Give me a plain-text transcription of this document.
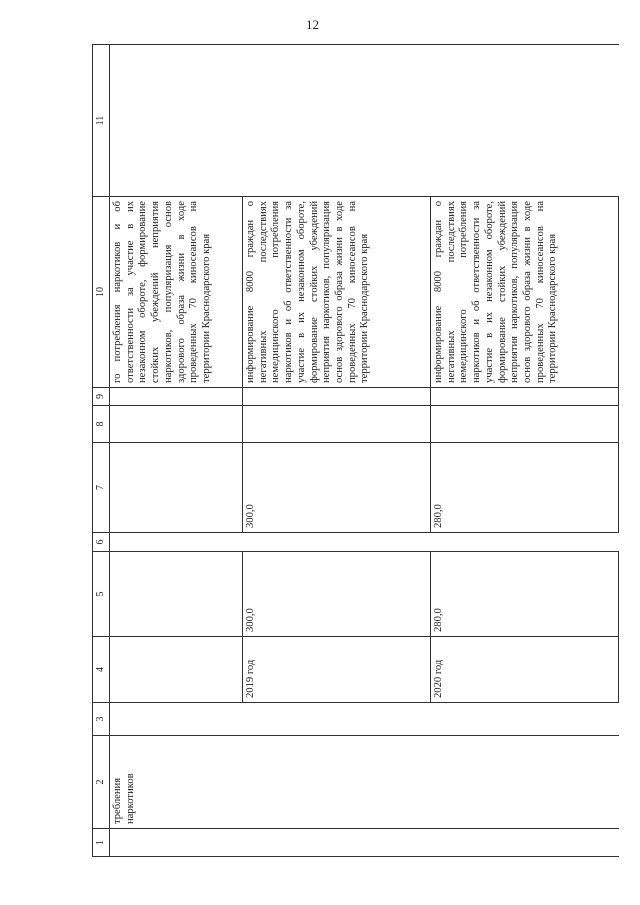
12
1	2	3	4	5	6	7	8	9	10	11
	требления наркотиков								го потребления наркотиков и об ответственности за участие в их незаконном обороте, формирование стойких убеждений неприятия наркотиков, популяризация основ здорового образа жизни в ходе проведенных 70 киносеансов на территории Краснодарского края	
			2019 год	300,0		300,0			информирование 8000 граждан о негативных последствиях немедицинского потребления наркотиков и об ответственности за участие в их незаконном обороте, формирование стойких убеждений неприятия наркотиков, популяризация основ здорового образа жизни в ходе проведенных 70 киносеансов на территории Краснодарского края	
			2020 год	280,0		280,0			информирование 8000 граждан о негативных последствиях немедицинского потребления наркотиков и об ответственности за участие в их незаконном обороте, формирование стойких убеждений неприятия наркотиков, популяризация основ здорового образа жизни в ходе проведенных 70 киносеансов на территории Краснодарского края	
